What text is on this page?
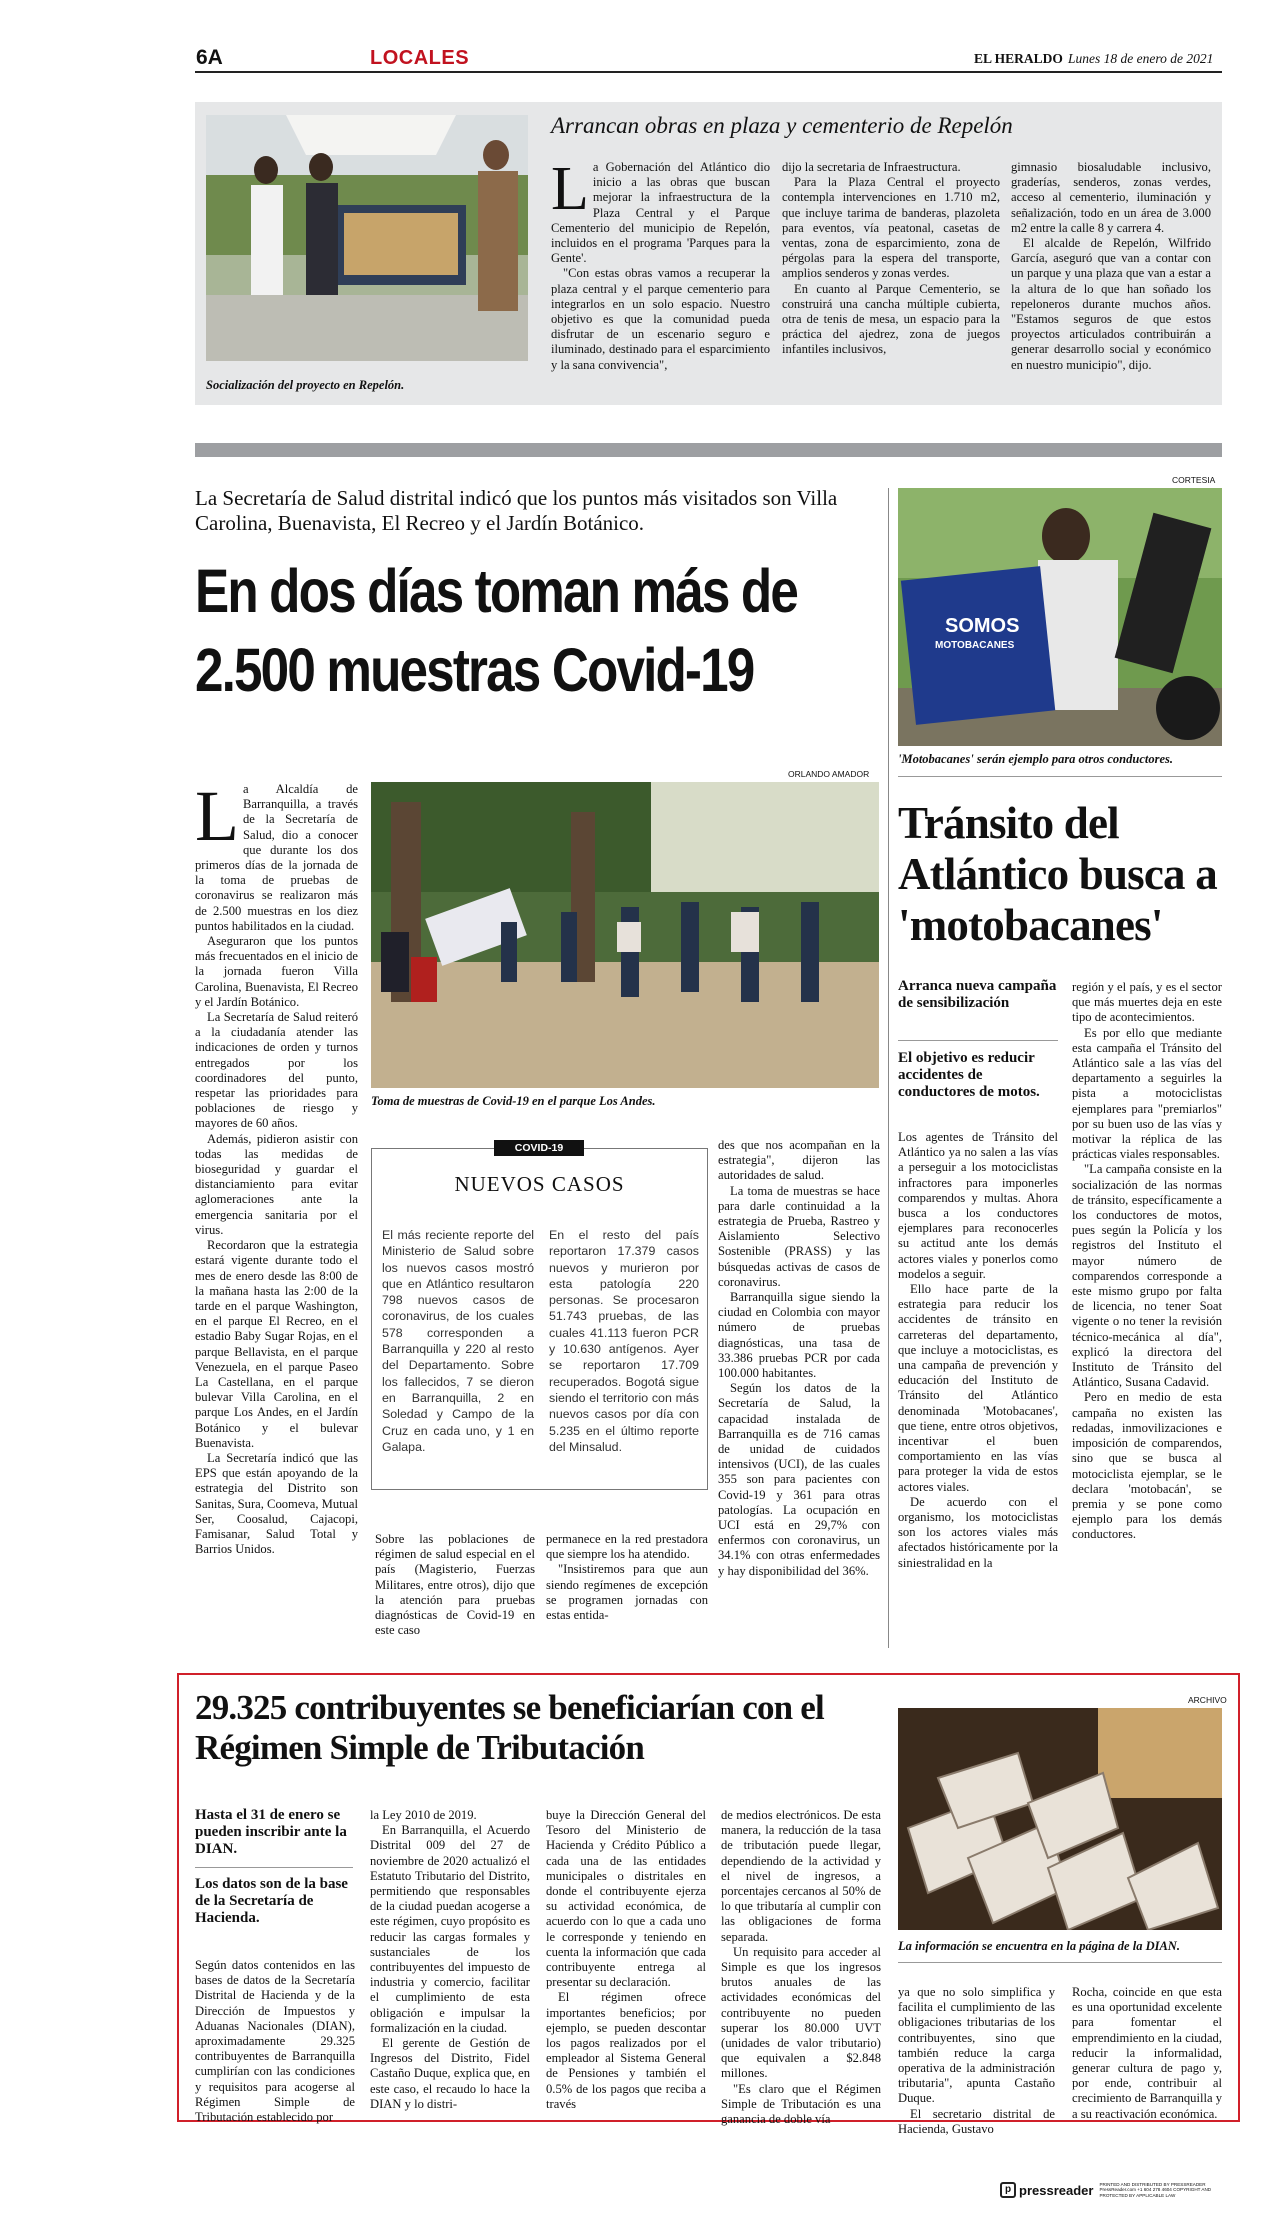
6A	LOCALES	EL HERALDO Lunes 18 de enero de 2021
Socialización del proyecto en Repelón.
Arrancan obras en plaza y cementerio de Repelón
L a Gobernación del Atlántico dio inicio a las obras que buscan mejorar la infraestructura de la Plaza Central y el Parque Cementerio del municipio de Repelón, incluidos en el programa 'Parques para la Gente'.

"Con estas obras vamos a recuperar la plaza central y el parque cementerio para integrarlos en un solo espacio. Nuestro objetivo es que la comunidad pueda disfrutar de un escenario seguro e iluminado, destinado para el esparcimiento y la sana convivencia",

dijo la secretaria de Infraestructura.

Para la Plaza Central el proyecto contempla intervenciones en 1.710 m2, que incluye tarima de banderas, plazoleta para eventos, vía peatonal, casetas de ventas, zona de esparcimiento, zona de pérgolas para la espera del transporte, amplios senderos y zonas verdes.

En cuanto al Parque Cementerio, se construirá una cancha múltiple cubierta, otra de tenis de mesa, un espacio para la práctica del ajedrez, zona de juegos infantiles inclusivos,

gimnasio biosaludable inclusivo, graderías, senderos, zonas verdes, acceso al cementerio, iluminación y señalización, todo en un área de 3.000 m2 entre la calle 8 y carrera 4.

El alcalde de Repelón, Wilfrido García, aseguró que van a contar con un parque y una plaza que van a estar a la altura de lo que han soñado los repeloneros durante muchos años. "Estamos seguros de que estos proyectos articulados contribuirán a generar desarrollo social y económico en nuestro municipio", dijo.

La Secretaría de Salud distrital indicó que los puntos más visitados son Villa Carolina, Buenavista, El Recreo y el Jardín Botánico.
En dos días toman más de 2.500 muestras Covid-19
ORLANDO AMADOR
Toma de muestras de Covid-19 en el parque Los Andes.
L a Alcaldía de Barranquilla, a través de la Secretaría de Salud, dio a conocer que durante los dos primeros días de la jornada de la toma de pruebas de coronavirus se realizaron más de 2.500 muestras en los diez puntos habilitados en la ciudad.

Aseguraron que los puntos más frecuentados en el inicio de la jornada fueron Villa Carolina, Buenavista, El Recreo y el Jardín Botánico.

La Secretaría de Salud reiteró a la ciudadanía atender las indicaciones de orden y turnos entregados por los coordinadores del punto, respetar las prioridades para poblaciones de riesgo y mayores de 60 años.

Además, pidieron asistir con todas las medidas de bioseguridad y guardar el distanciamiento para evitar aglomeraciones ante la emergencia sanitaria por el virus.

Recordaron que la estrategia estará vigente durante todo el mes de enero desde las 8:00 de la mañana hasta las 2:00 de la tarde en el parque Washington, en el parque El Recreo, en el estadio Baby Sugar Rojas, en el parque Bellavista, en el parque Venezuela, en el parque Paseo La Castellana, en el parque bulevar Villa Carolina, en el parque Los Andes, en el Jardín Botánico y el bulevar Buenavista.

La Secretaría indicó que las EPS que están apoyando de la estrategia del Distrito son Sanitas, Sura, Coomeva, Mutual Ser, Coosalud, Cajacopi, Famisanar, Salud Total y Barrios Unidos.

COVID-19
NUEVOS CASOS
El más reciente reporte del Ministerio de Salud sobre los nuevos casos mostró que en Atlántico resultaron 798 nuevos casos de coronavirus, de los cuales 578 corresponden a Barranquilla y 220 al resto del Departamento. Sobre los fallecidos, 7 se dieron en Barranquilla, 2 en Soledad y Campo de la Cruz en cada uno, y 1 en Galapa.
En el resto del país reportaron 17.379 casos nuevos y murieron por esta patología 220 personas. Se procesaron 51.743 pruebas, de las cuales 41.113 fueron PCR y 10.630 antígenos. Ayer se reportaron 17.709 recuperados. Bogotá sigue siendo el territorio con más nuevos casos por día con 5.235 en el último reporte del Minsalud.

Sobre las poblaciones de régimen de salud especial en el país (Magisterio, Fuerzas Militares, entre otros), dijo que la atención para pruebas diagnósticas de Covid-19 en este caso

permanece en la red prestadora que siempre los ha atendido.

"Insistiremos para que aun siendo regímenes de excepción se programen jornadas con estas entida-

des que nos acompañan en la estrategia", dijeron las autoridades de salud.

La toma de muestras se hace para darle continuidad a la estrategia de Prueba, Rastreo y Aislamiento Selectivo Sostenible (PRASS) y las búsquedas activas de casos de coronavirus.

Barranquilla sigue siendo la ciudad en Colombia con mayor número de pruebas diagnósticas, una tasa de 33.386 pruebas PCR por cada 100.000 habitantes.

Según los datos de la Secretaría de Salud, la capacidad instalada de Barranquilla es de 716 camas de unidad de cuidados intensivos (UCI), de las cuales 355 son para pacientes con Covid-19 y 361 para otras patologías. La ocupación en UCI está en 29,7% con enfermos con coronavirus, un 34.1% con otras enfermedades y hay disponibilidad del 36%.

CORTESIA
SOMOS
MOTOBACANES
'Motobacanes' serán ejemplo para otros conductores.
Tránsito del Atlántico busca a 'motobacanes'
Arranca nueva campaña de sensibilización
El objetivo es reducir accidentes de conductores de motos.

Los agentes de Tránsito del Atlántico ya no salen a las vías a perseguir a los motociclistas infractores para imponerles comparendos y multas. Ahora busca a los conductores ejemplares para reconocerles su actitud ante los demás actores viales y ponerlos como modelos a seguir.

Ello hace parte de la estrategia para reducir los accidentes de tránsito en carreteras del departamento, que incluye a motociclistas, es una campaña de prevención y educación del Instituto de Tránsito del Atlántico denominada 'Motobacanes', que tiene, entre otros objetivos, incentivar el buen comportamiento en las vías para proteger la vida de estos actores viales.

De acuerdo con el organismo, los motociclistas son los actores viales más afectados históricamente por la siniestralidad en la

región y el país, y es el sector que más muertes deja en este tipo de acontecimientos.

Es por ello que mediante esta campaña el Tránsito del Atlántico sale a las vías del departamento a seguirles la pista a motociclistas ejemplares para "premiarlos" por su buen uso de las vías y motivar la réplica de las prácticas viales responsables.

"La campaña consiste en la socialización de las normas de tránsito, específicamente a los conductores de motos, pues según la Policía y los registros del Instituto el mayor número de comparendos corresponde a este mismo grupo por falta de licencia, no tener Soat vigente o no tener la revisión técnico-mecánica al día", explicó la directora del Instituto de Tránsito del Atlántico, Susana Cadavid.

Pero en medio de esta campaña no existen las redadas, inmovilizaciones e imposición de comparendos, sino que se busca al motociclista ejemplar, se le declara 'motobacán', se premia y se pone como ejemplo para los demás conductores.

29.325 contribuyentes se beneficiarían con el Régimen Simple de Tributación
ARCHIVO
La información se encuentra en la página de la DIAN.
Hasta el 31 de enero se pueden inscribir ante la DIAN.
Los datos son de la base de la Secretaría de Hacienda.

Según datos contenidos en las bases de datos de la Secretaría Distrital de Hacienda y de la Dirección de Impuestos y Aduanas Nacionales (DIAN), aproximadamente 29.325 contribuyentes de Barranquilla cumplirían con las condiciones y requisitos para acogerse al Régimen Simple de Tributación establecido por

la Ley 2010 de 2019.

En Barranquilla, el Acuerdo Distrital 009 del 27 de noviembre de 2020 actualizó el Estatuto Tributario del Distrito, permitiendo que responsables de la ciudad puedan acogerse a este régimen, cuyo propósito es reducir las cargas formales y sustanciales de los contribuyentes del impuesto de industria y comercio, facilitar el cumplimiento de esta obligación e impulsar la formalización en la ciudad.

El gerente de Gestión de Ingresos del Distrito, Fidel Castaño Duque, explica que, en este caso, el recaudo lo hace la DIAN y lo distri-

buye la Dirección General del Tesoro del Ministerio de Hacienda y Crédito Público a cada una de las entidades municipales o distritales en donde el contribuyente ejerza su actividad económica, de acuerdo con lo que a cada uno le corresponde y teniendo en cuenta la información que cada contribuyente entrega al presentar su declaración.

El régimen ofrece importantes beneficios; por ejemplo, se pueden descontar los pagos realizados por el empleador al Sistema General de Pensiones y también el 0.5% de los pagos que reciba a través

de medios electrónicos. De esta manera, la reducción de la tasa de tributación puede llegar, dependiendo de la actividad y el nivel de ingresos, a porcentajes cercanos al 50% de lo que tributaría al cumplir con las obligaciones de forma separada.

Un requisito para acceder al Simple es que los ingresos brutos anuales de las actividades económicas del contribuyente no pueden superar los 80.000 UVT (unidades de valor tributario) que equivalen a $2.848 millones.

"Es claro que el Régimen Simple de Tributación es una ganancia de doble vía

ya que no solo simplifica y facilita el cumplimiento de las obligaciones tributarias de los contribuyentes, sino que también reduce la carga operativa de la administración tributaria", apunta Castaño Duque.

El secretario distrital de Hacienda, Gustavo

Rocha, coincide en que esta es una oportunidad excelente para fomentar el emprendimiento en la ciudad, reducir la informalidad, generar cultura de pago y, por ende, contribuir al crecimiento de Barranquilla y a su reactivación económica.

p pressreader PRINTED AND DISTRIBUTED BY PRESSREADER PressReader.com +1 604 278 4604 COPYRIGHT AND PROTECTED BY APPLICABLE LAW
